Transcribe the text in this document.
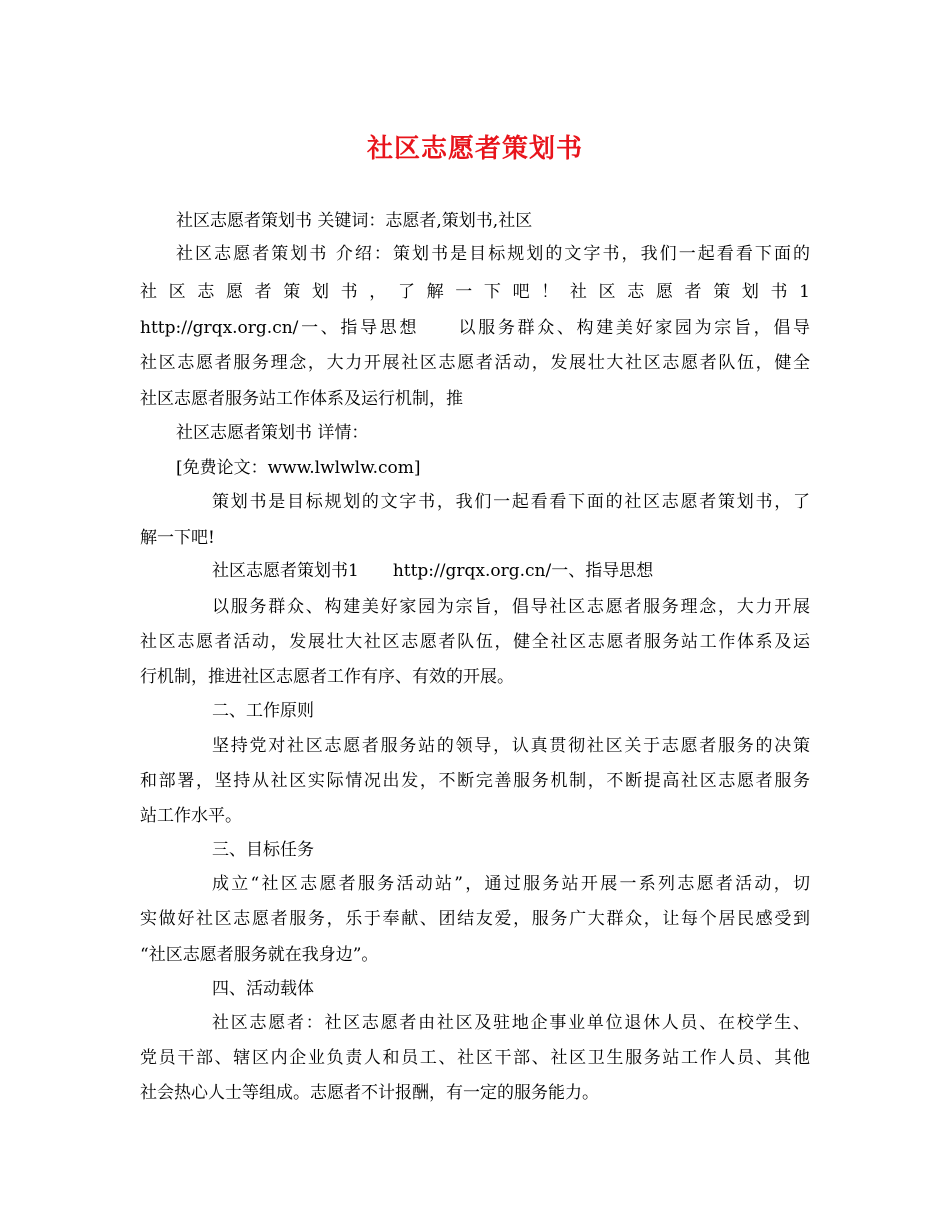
社区志愿者策划书
社区志愿者策划书 关键词：志愿者,策划书,社区
社区志愿者策划书 介绍：策划书是目标规划的文字书，我们一起看看下面的
社 区 志 愿 者 策 划 书 ， 了 解 一 下 吧 ！ 社 区 志 愿 者 策 划 书 1
http://grqx.org.cn/一、指导思想　　以服务群众、构建美好家园为宗旨，倡导
社区志愿者服务理念，大力开展社区志愿者活动，发展壮大社区志愿者队伍，健全
社区志愿者服务站工作体系及运行机制，推
社区志愿者策划书 详情：
[免费论文：www.lwlwlw.com]
策划书是目标规划的文字书，我们一起看看下面的社区志愿者策划书，了
解一下吧!
社区志愿者策划书1　　http://grqx.org.cn/一、指导思想
以服务群众、构建美好家园为宗旨，倡导社区志愿者服务理念，大力开展
社区志愿者活动，发展壮大社区志愿者队伍，健全社区志愿者服务站工作体系及运
行机制，推进社区志愿者工作有序、有效的开展。
二、工作原则
坚持党对社区志愿者服务站的领导，认真贯彻社区关于志愿者服务的决策
和部署，坚持从社区实际情况出发，不断完善服务机制，不断提高社区志愿者服务
站工作水平。
三、目标任务
成立“社区志愿者服务活动站”，通过服务站开展一系列志愿者活动，切
实做好社区志愿者服务，乐于奉献、团结友爱，服务广大群众，让每个居民感受到
“社区志愿者服务就在我身边”。
四、活动载体
社区志愿者：社区志愿者由社区及驻地企事业单位退休人员、在校学生、
党员干部、辖区内企业负责人和员工、社区干部、社区卫生服务站工作人员、其他
社会热心人士等组成。志愿者不计报酬，有一定的服务能力。
